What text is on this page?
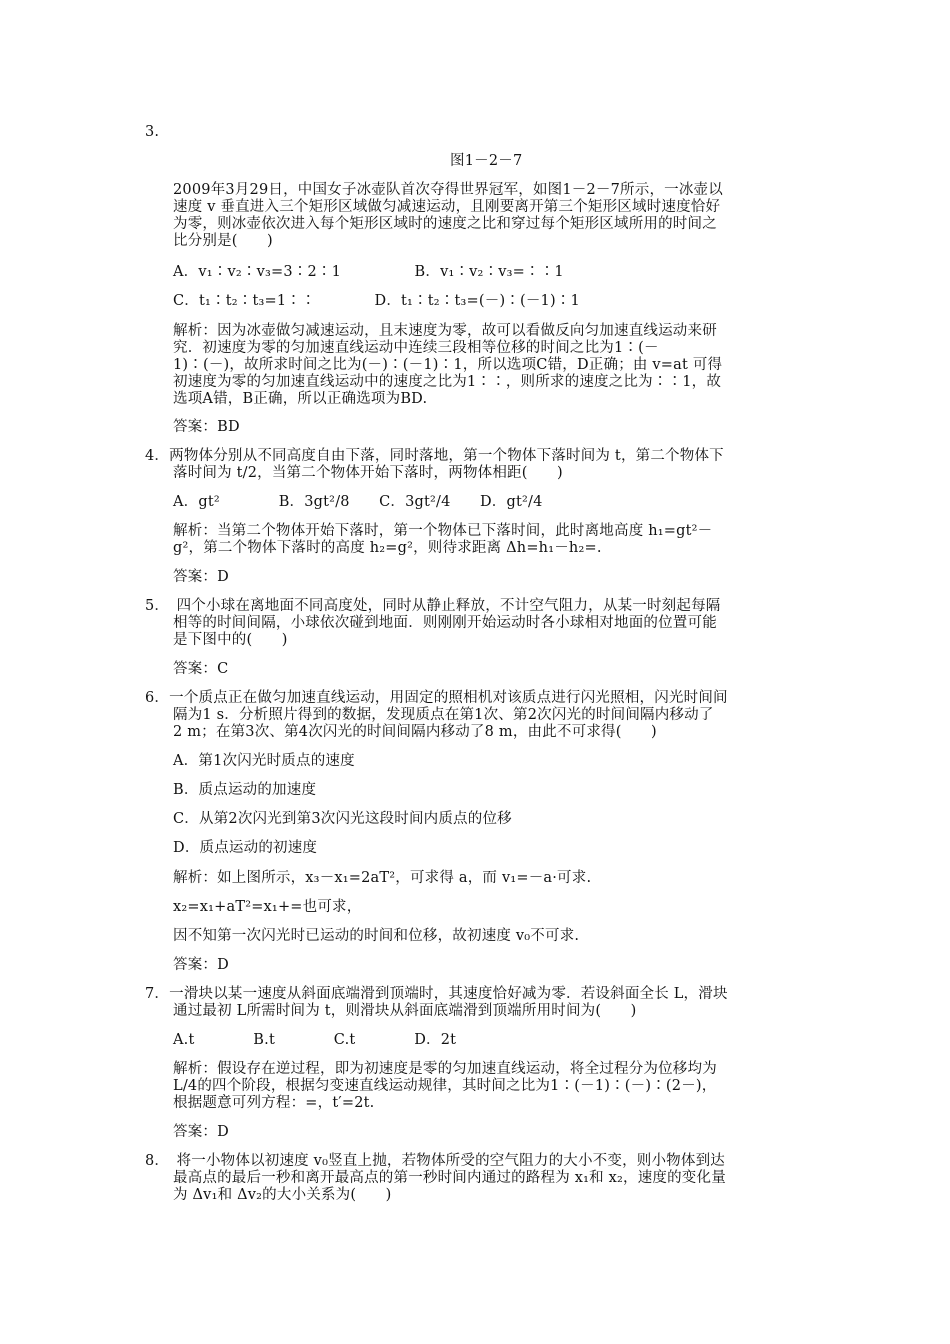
3.
图1－2－7
2009年3月29日，中国女子冰壶队首次夺得世界冠军，如图1－2－7所示，一冰壶以
速度 v 垂直进入三个矩形区域做匀减速运动，且刚要离开第三个矩形区域时速度恰好
为零，则冰壶依次进入每个矩形区域时的速度之比和穿过每个矩形区域所用的时间之
比分别是(　　)
A．v₁∶v₂∶v₃=3∶2∶1　　　　　B．v₁∶v₂∶v₃=∶∶1
C．t₁∶t₂∶t₃=1∶∶　　　　D．t₁∶t₂∶t₃=(－)∶(－1)∶1
解析：因为冰壶做匀减速运动，且末速度为零，故可以看做反向匀加速直线运动来研
究．初速度为零的匀加速直线运动中连续三段相等位移的时间之比为1∶(－
1)∶(－)，故所求时间之比为(－)∶(－1)∶1，所以选项C错，D正确；由 v=at 可得
初速度为零的匀加速直线运动中的速度之比为1∶∶，则所求的速度之比为∶∶1，故
选项A错，B正确，所以正确选项为BD.
答案：BD
4．两物体分别从不同高度自由下落，同时落地，第一个物体下落时间为 t，第二个物体下
落时间为 t/2，当第二个物体开始下落时，两物体相距(　　)
A．gt²　　　　B．3gt²/8　　C．3gt²/4　　D．gt²/4
解析：当第二个物体开始下落时，第一个物体已下落时间，此时离地高度 h₁=gt²－
g²，第二个物体下落时的高度 h₂=g²，则待求距离 Δh=h₁－h₂=.
答案：D
5．　四个小球在离地面不同高度处，同时从静止释放，不计空气阻力，从某一时刻起每隔
相等的时间间隔，小球依次碰到地面．则刚刚开始运动时各小球相对地面的位置可能
是下图中的(　　)
答案：C
6．一个质点正在做匀加速直线运动，用固定的照相机对该质点进行闪光照相，闪光时间间
隔为1 s．分析照片得到的数据，发现质点在第1次、第2次闪光的时间间隔内移动了
2 m；在第3次、第4次闪光的时间间隔内移动了8 m，由此不可求得(　　)
A．第1次闪光时质点的速度
B．质点运动的加速度
C．从第2次闪光到第3次闪光这段时间内质点的位移
D．质点运动的初速度
解析：如上图所示，x₃－x₁=2aT²，可求得 a，而 v₁=－a·可求.
x₂=x₁+aT²=x₁+=也可求，
因不知第一次闪光时已运动的时间和位移，故初速度 v₀不可求.
答案：D
7．一滑块以某一速度从斜面底端滑到顶端时，其速度恰好减为零．若设斜面全长 L，滑块
通过最初 L所需时间为 t，则滑块从斜面底端滑到顶端所用时间为(　　)
A.t　　　　B.t　　　　C.t　　　　D．2t
解析：假设存在逆过程，即为初速度是零的匀加速直线运动，将全过程分为位移均为
L/4的四个阶段，根据匀变速直线运动规律，其时间之比为1∶(－1)∶(－)∶(2－)，
根据题意可列方程：=，t′=2t.
答案：D
8．　将一小物体以初速度 v₀竖直上抛，若物体所受的空气阻力的大小不变，则小物体到达
最高点的最后一秒和离开最高点的第一秒时间内通过的路程为 x₁和 x₂，速度的变化量
为 Δv₁和 Δv₂的大小关系为(　　)
